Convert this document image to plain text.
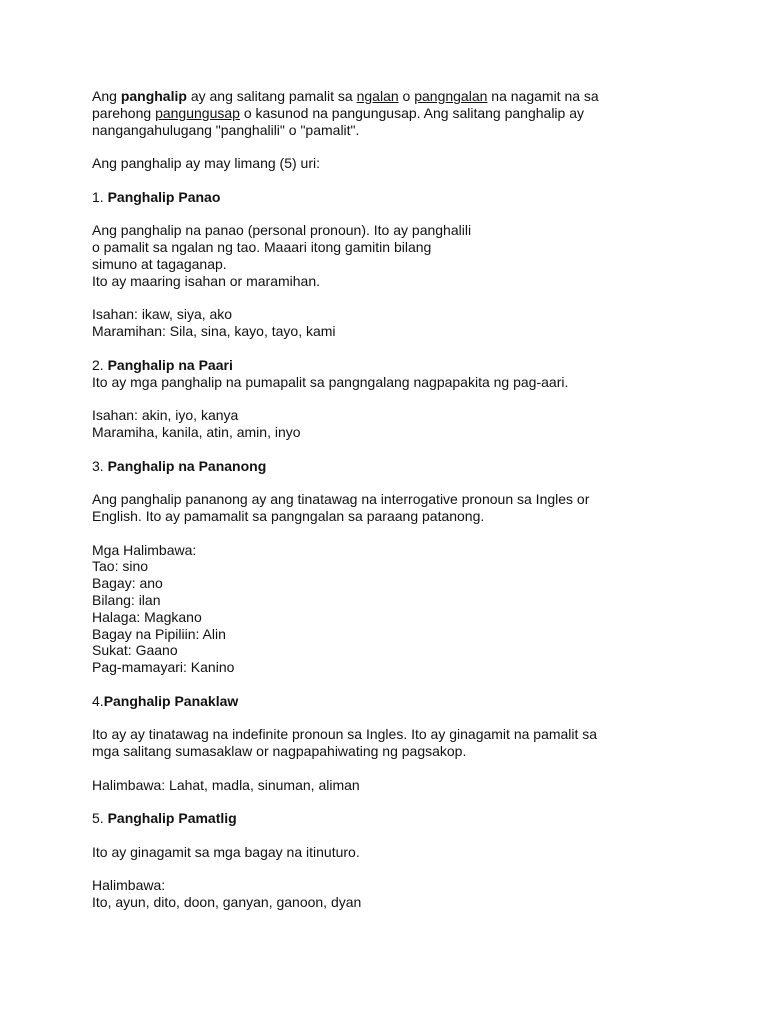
Ang panghalip ay ang salitang pamalit sa ngalan o pangngalan na nagamit na sa
parehong pangungusap o kasunod na pangungusap. Ang salitang panghalip ay
nangangahulugang "panghalili" o "pamalit".
Ang panghalip ay may limang (5) uri:
1. Panghalip Panao
Ang panghalip na panao (personal pronoun). Ito ay panghalili
o pamalit sa ngalan ng tao. Maaari itong gamitin bilang
simuno at tagaganap.
Ito ay maaring isahan or maramihan.
Isahan: ikaw, siya, ako
Maramihan: Sila, sina, kayo, tayo, kami
2. Panghalip na Paari
Ito ay mga panghalip na pumapalit sa pangngalang nagpapakita ng pag-aari.
Isahan: akin, iyo, kanya
Maramiha, kanila, atin, amin, inyo
3. Panghalip na Pananong
Ang panghalip pananong ay ang tinatawag na interrogative pronoun sa Ingles or
English. Ito ay pamamalit sa pangngalan sa paraang patanong.
Mga Halimbawa:
Tao: sino
Bagay: ano
Bilang: ilan
Halaga: Magkano
Bagay na Pipiliin: Alin
Sukat: Gaano
Pag-mamayari: Kanino
4.Panghalip Panaklaw
Ito ay ay tinatawag na indefinite pronoun sa Ingles. Ito ay ginagamit na pamalit sa
mga salitang sumasaklaw or nagpapahiwating ng pagsakop.
Halimbawa: Lahat, madla, sinuman, aliman
5. Panghalip Pamatlig
Ito ay ginagamit sa mga bagay na itinuturo.
Halimbawa:
Ito, ayun, dito, doon, ganyan, ganoon, dyan
